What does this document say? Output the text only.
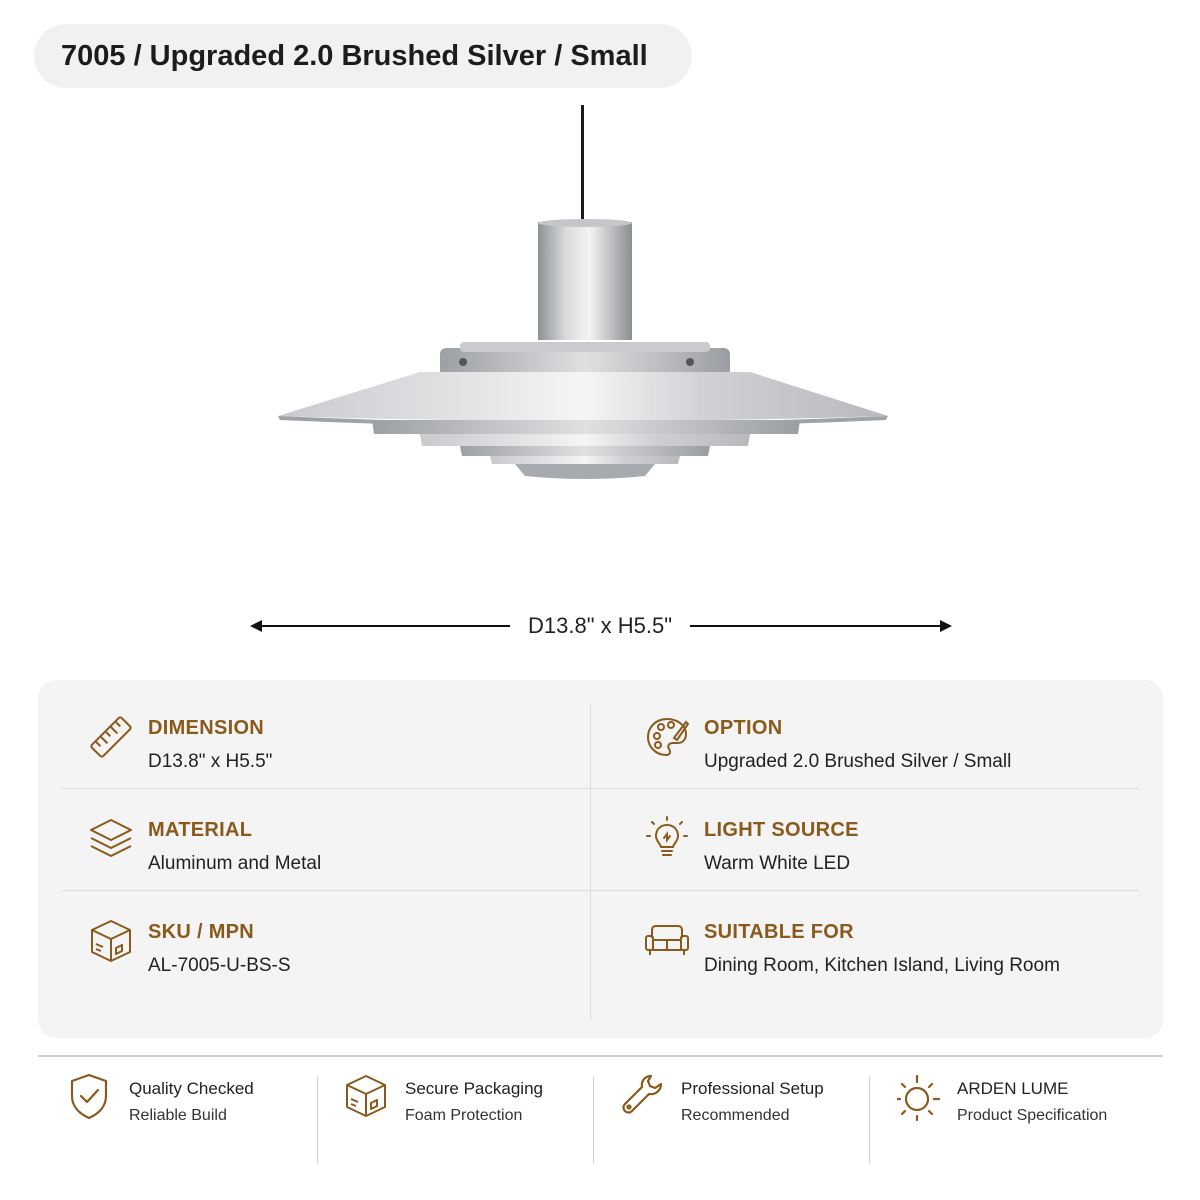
7005 / Upgraded 2.0 Brushed Silver / Small
D13.8" x H5.5"
DIMENSION
D13.8" x H5.5"
OPTION
Upgraded 2.0 Brushed Silver / Small
MATERIAL
Aluminum and Metal
LIGHT SOURCE
Warm White LED
SKU / MPN
AL-7005-U-BS-S
SUITABLE FOR
Dining Room, Kitchen Island, Living Room
Quality Checked
Reliable Build
Secure Packaging
Foam Protection
Professional Setup
Recommended
ARDEN LUME
Product Specification
